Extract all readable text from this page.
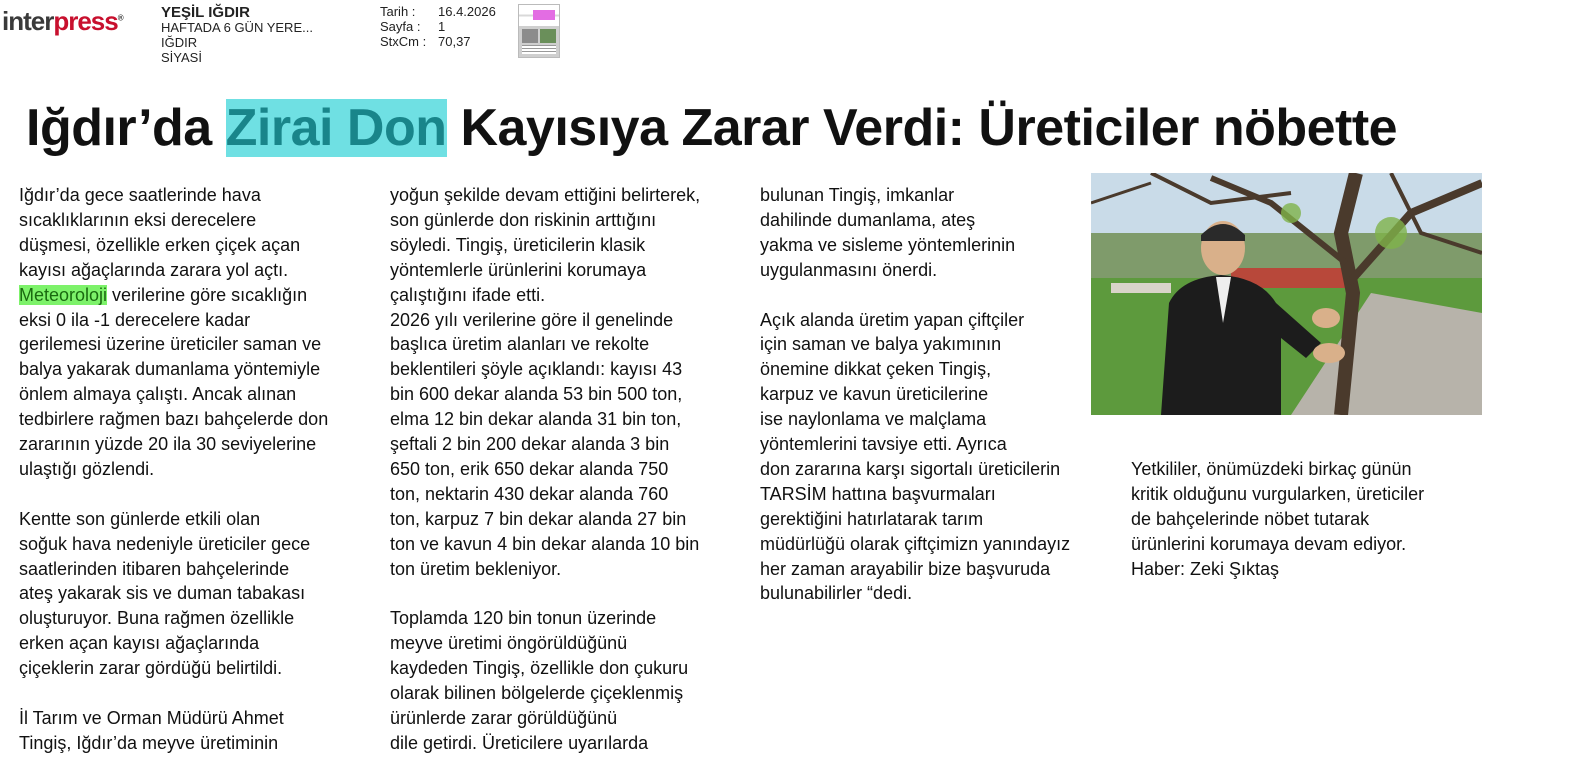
interpress®	YEŞİL IĞDIR
HAFTADA 6 GÜN YERE...
IĞDIR
SİYASİ
Tarih :	16.4.2026
Sayfa :	1
StxCm : 70,37
Iğdır’da Zirai Don Kayısıya Zarar Verdi: Üreticiler nöbette

Iğdır’da gece saatlerinde hava

sıcaklıklarının eksi derecelere

düşmesi, özellikle erken çiçek açan

kayısı ağaçlarında zarara yol açtı.

Meteoroloji verilerine göre sıcaklığın

eksi 0 ila -1 derecelere kadar

gerilemesi üzerine üreticiler saman ve

balya yakarak dumanlama yöntemiyle

önlem almaya çalıştı. Ancak alınan

tedbirlere rağmen bazı bahçelerde don

zararının yüzde 20 ila 30 seviyelerine

ulaştığı gözlendi.

Kentte son günlerde etkili olan

soğuk hava nedeniyle üreticiler gece

saatlerinden itibaren bahçelerinde

ateş yakarak sis ve duman tabakası

oluşturuyor. Buna rağmen özellikle

erken açan kayısı ağaçlarında

çiçeklerin zarar gördüğü belirtildi.

İl Tarım ve Orman Müdürü Ahmet

Tingiş, Iğdır’da meyve üretiminin

yoğun şekilde devam ettiğini belirterek,

son günlerde don riskinin arttığını

söyledi. Tingiş, üreticilerin klasik

yöntemlerle ürünlerini korumaya

çalıştığını ifade etti.

2026 yılı verilerine göre il genelinde

başlıca üretim alanları ve rekolte

beklentileri şöyle açıklandı: kayısı 43

bin 600 dekar alanda 53 bin 500 ton,

elma 12 bin dekar alanda 31 bin ton,

şeftali 2 bin 200 dekar alanda 3 bin

650 ton, erik 650 dekar alanda 750

ton, nektarin 430 dekar alanda 760

ton, karpuz 7 bin dekar alanda 27 bin

ton ve kavun 4 bin dekar alanda 10 bin

ton üretim bekleniyor.

Toplamda 120 bin tonun üzerinde

meyve üretimi öngörüldüğünü

kaydeden Tingiş, özellikle don çukuru

olarak bilinen bölgelerde çiçeklenmiş

ürünlerde zarar görüldüğünü

dile getirdi. Üreticilere uyarılarda

bulunan Tingiş, imkanlar

dahilinde dumanlama, ateş

yakma ve sisleme yöntemlerinin

uygulanmasını önerdi.

Açık alanda üretim yapan çiftçiler

için saman ve balya yakımının

önemine dikkat çeken Tingiş,

karpuz ve kavun üreticilerine

ise naylonlama ve malçlama

yöntemlerini tavsiye etti. Ayrıca

don zararına karşı sigortalı üreticilerin

TARSİM hattına başvurmaları

gerektiğini hatırlatarak tarım

müdürlüğü olarak çiftçimizn yanındayız

her zaman arayabilir bize başvuruda

bulunabilirler “dedi.

Yetkililer, önümüzdeki birkaç günün

kritik olduğunu vurgularken, üreticiler

de bahçelerinde nöbet tutarak

ürünlerini korumaya devam ediyor.

Haber: Zeki Şıktaş
